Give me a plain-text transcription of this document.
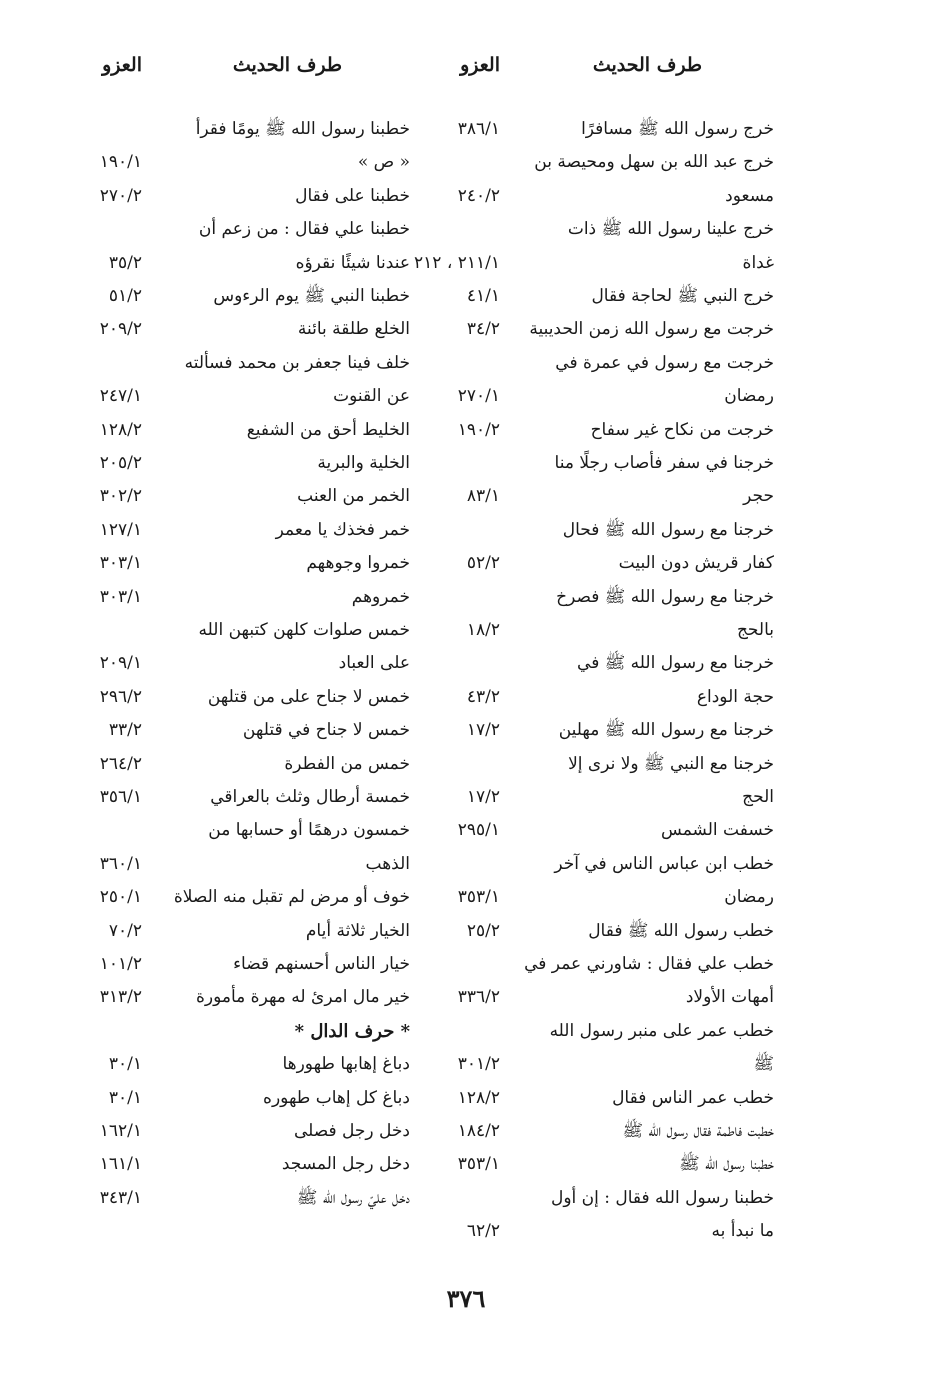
طرف الحديث
العزو
طرف الحديث
العزو
خرج رسول الله ﷺ مسافرًا
٣٨٦/١
خرج عبد الله بن سهل ومحيصة بن
مسعود
٢٤٠/٢
خرج علينا رسول الله ﷺ ذات
غداة
٢١١/١ ، ٢١٢
خرج النبي ﷺ لحاجة فقال
٤١/١
خرجت مع رسول الله زمن الحديبية
٣٤/٢
خرجت مع رسول في عمرة في
رمضان
٢٧٠/١
خرجت من نكاح غير سفاح
١٩٠/٢
خرجنا في سفر فأصاب رجلًا منا
حجر
٨٣/١
خرجنا مع رسول الله ﷺ فحال
كفار قريش دون البيت
٥٢/٢
خرجنا مع رسول الله ﷺ فصرخ
بالحج
١٨/٢
خرجنا مع رسول الله ﷺ في
حجة الوداع
٤٣/٢
خرجنا مع رسول الله ﷺ مهلين
١٧/٢
خرجنا مع النبي ﷺ ولا نرى إلا
الحج
١٧/٢
خسفت الشمس
٢٩٥/١
خطب ابن عباس الناس في آخر
رمضان
٣٥٣/١
خطب رسول الله ﷺ فقال
٢٥/٢
خطب علي فقال : شاورني عمر في
أمهات الأولاد
٣٣٦/٢
خطب عمر على منبر رسول الله
ﷺ
٣٠١/٢
خطب عمر الناس فقال
١٢٨/٢
خطبت فاطمة فقال رسول الله ﷺ
١٨٤/٢
خطبنا رسول الله ﷺ
٣٥٣/١
خطبنا رسول الله فقال : إن أول
ما نبدأ به
٦٢/٢
خطبنا رسول الله ﷺ يومًا فقرأ
« ص »
١٩٠/١
خطبنا على فقال
٢٧٠/٢
خطبنا علي فقال : من زعم أن
عندنا شيئًا نقرؤه
٣٥/٢
خطبنا النبي ﷺ يوم الرءوس
٥١/٢
الخلع طلقة بائنة
٢٠٩/٢
خلف فينا جعفر بن محمد فسألته
عن القنوت
٢٤٧/١
الخليط أحق من الشفيع
١٢٨/٢
الخلية والبرية
٢٠٥/٢
الخمر من العنب
٣٠٢/٢
خمر فخذك يا معمر
١٢٧/١
خمروا وجوههم
٣٠٣/١
خمروهم
٣٠٣/١
خمس صلوات كلهن كتبهن الله
على العباد
٢٠٩/١
خمس لا جناح على من قتلهن
٢٩٦/٢
خمس لا جناح في قتلهن
٣٣/٢
خمس من الفطرة
٢٦٤/٢
خمسة أرطال وثلث بالعراقي
٣٥٦/١
خمسون درهمًا أو حسابها من
الذهب
٣٦٠/١
خوف أو مرض لم تقبل منه الصلاة
٢٥٠/١
الخيار ثلاثة أيام
٧٠/٢
خيار الناس أحسنهم قضاء
١٠١/٢
خير مال امرئ له مهرة مأمورة
٣١٣/٢
* حرف الدال *
دباغ إهابها طهورها
٣٠/١
دباغ كل إهاب طهوره
٣٠/١
دخل رجل فصلى
١٦٢/١
دخل رجل المسجد
١٦١/١
دخل عليّ رسول الله ﷺ
٣٤٣/١
٣٧٦
